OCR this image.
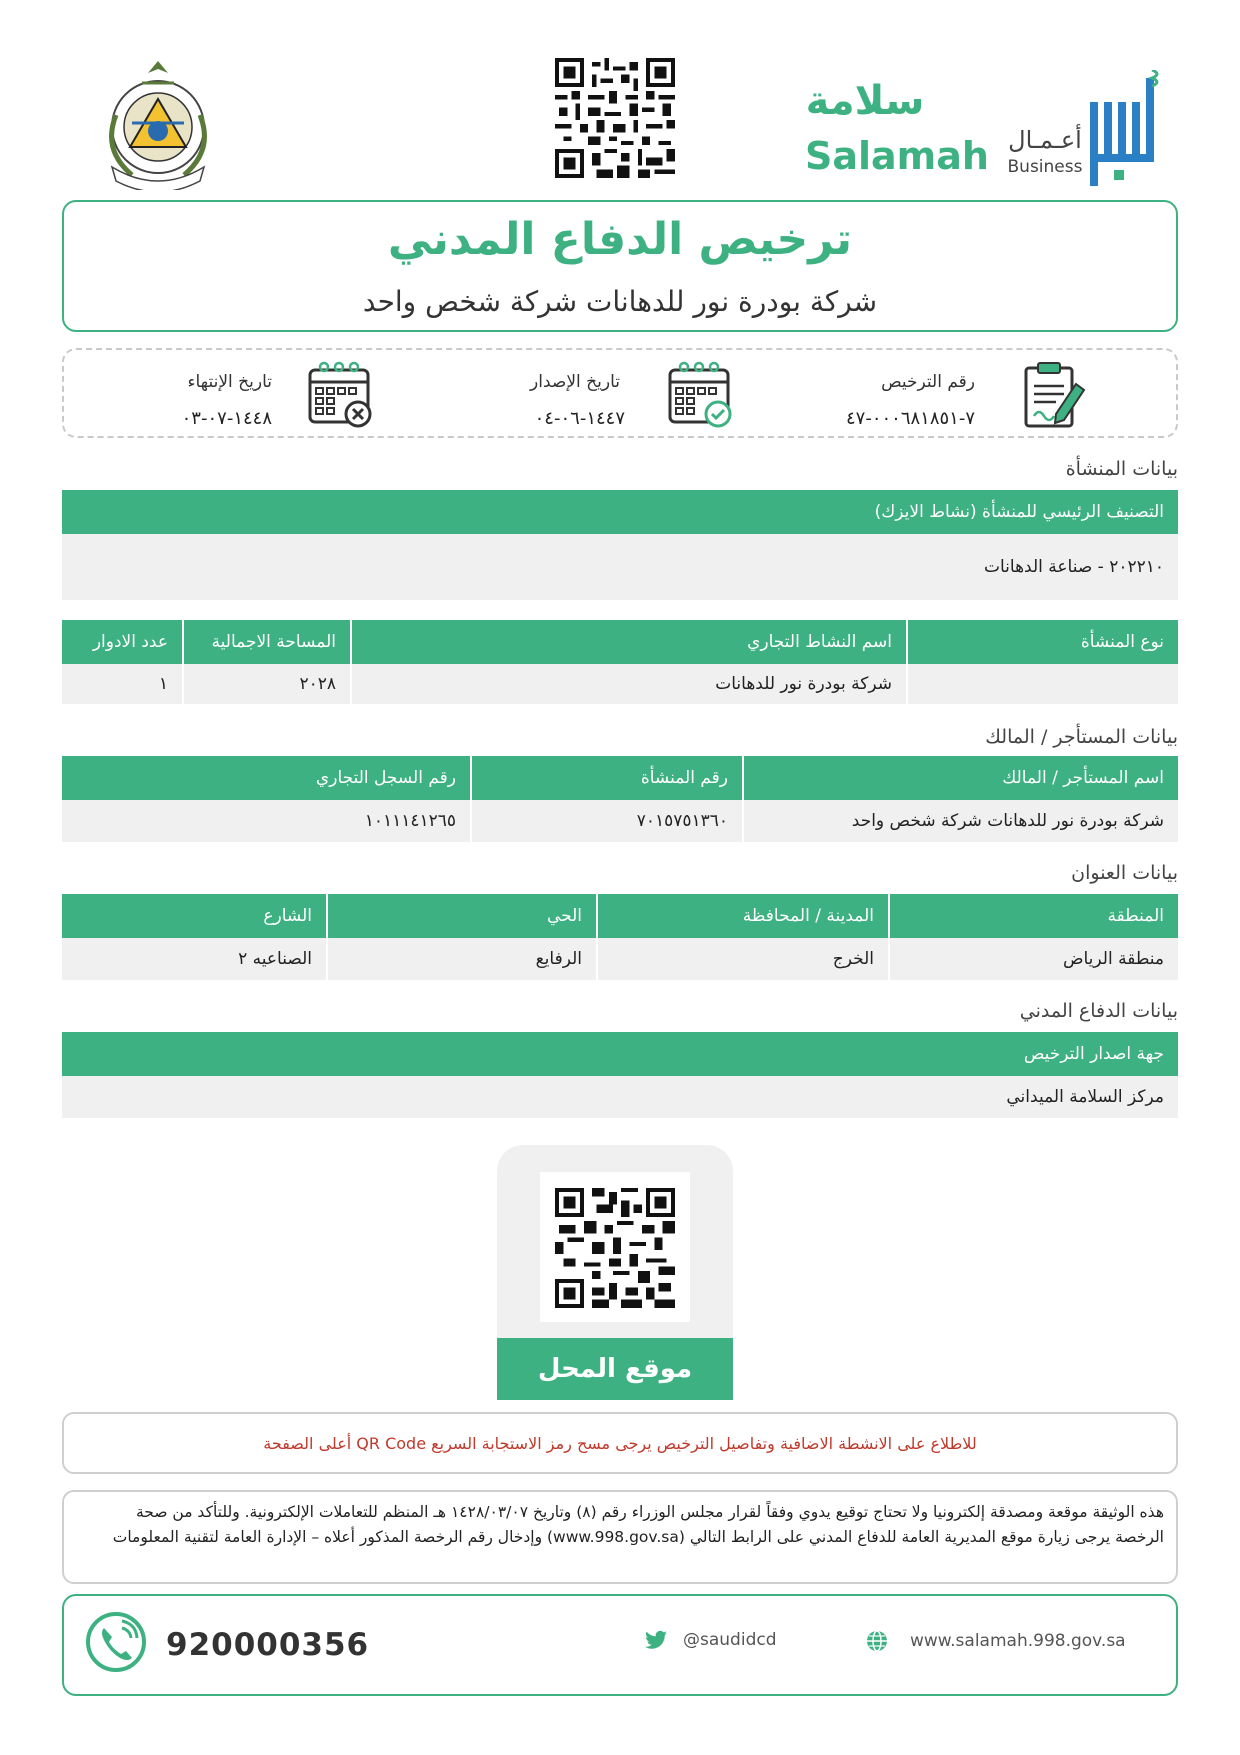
سلامة
Salamah أعـمـال
Business
ترخيص الدفاع المدني
شركة بودرة نور للدهانات شركة شخص واحد
رقم الترخيص
٧-٠٠٠٦٨١٨٥١-٤٧
تاريخ الإصدار
١٤٤٧-٠٦-٠٤
تاريخ الإنتهاء
١٤٤٨-٠٧-٠٣
بيانات المنشأة
التصنيف الرئيسي للمنشأة (نشاط الايزك)
٢٠٢٢١٠ - صناعة الدهانات
نوع المنشأة
اسم النشاط التجاري
المساحة الاجمالية
عدد الادوار
شركة بودرة نور للدهانات
٢٠٢٨
١
بيانات المستأجر / المالك
اسم المستأجر / المالك
رقم المنشأة
رقم السجل التجاري
شركة بودرة نور للدهانات شركة شخص واحد
٧٠١٥٧٥١٣٦٠
١٠١١١٤١٢٦٥
بيانات العنوان
المنطقة
المدينة / المحافظة
الحي
الشارع
منطقة الرياض
الخرج
الرفايع
الصناعيه ٢
بيانات الدفاع المدني
جهة اصدار الترخيص
مركز السلامة الميداني
موقع المحل
للاطلاع على الانشطة الاضافية وتفاصيل الترخيص يرجى مسح رمز الاستجابة السريع QR Code أعلى الصفحة
هذه الوثيقة موقعة ومصدقة إلكترونيا ولا تحتاج توقيع يدوي وفقاً لقرار مجلس الوزراء رقم (٨) وتاريخ ١٤٢٨/٠٣/٠٧ هـ المنظم للتعاملات الإلكترونية. وللتأكد من صحة الرخصة يرجى زيارة موقع المديرية العامة للدفاع المدني على الرابط التالي (www.998.gov.sa) وإدخال رقم الرخصة المذكور أعلاه – الإدارة العامة لتقنية المعلومات
920000356	@saudidcd	www.salamah.998.gov.sa
